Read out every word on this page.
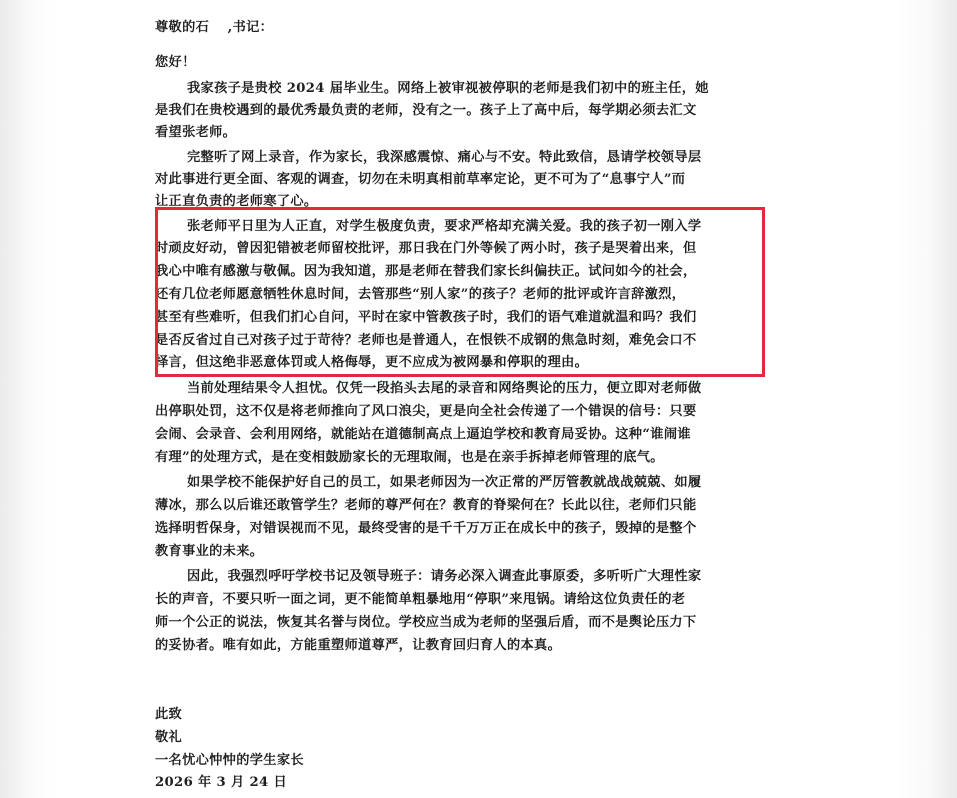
尊敬的石　 ,书记：
您好！
我家孩子是贵校 2024 届毕业生。网络上被审视被停职的老师是我们初中的班主任，她
是我们在贵校遇到的最优秀最负责的老师，没有之一。孩子上了高中后，每学期必须去汇文
看望张老师。
完整听了网上录音，作为家长，我深感震惊、痛心与不安。特此致信，恳请学校领导层
对此事进行更全面、客观的调查，切勿在未明真相前草率定论，更不可为了“息事宁人”而
让正直负责的老师寒了心。
张老师平日里为人正直，对学生极度负责，要求严格却充满关爱。我的孩子初一刚入学
时顽皮好动，曾因犯错被老师留校批评，那日我在门外等候了两小时，孩子是哭着出来，但
我心中唯有感激与敬佩。因为我知道，那是老师在替我们家长纠偏扶正。试问如今的社会，
还有几位老师愿意牺牲休息时间，去管那些“别人家”的孩子？老师的批评或许言辞激烈，
甚至有些难听，但我们扪心自问，平时在家中管教孩子时，我们的语气难道就温和吗？我们
是否反省过自己对孩子过于苛待？老师也是普通人，在恨铁不成钢的焦急时刻，难免会口不
择言，但这绝非恶意体罚或人格侮辱，更不应成为被网暴和停职的理由。
当前处理结果令人担忧。仅凭一段掐头去尾的录音和网络舆论的压力，便立即对老师做
出停职处罚，这不仅是将老师推向了风口浪尖，更是向全社会传递了一个错误的信号：只要
会闹、会录音、会利用网络，就能站在道德制高点上逼迫学校和教育局妥协。这种“谁闹谁
有理”的处理方式，是在变相鼓励家长的无理取闹，也是在亲手拆掉老师管理的底气。
如果学校不能保护好自己的员工，如果老师因为一次正常的严厉管教就战战兢兢、如履
薄冰，那么以后谁还敢管学生？老师的尊严何在？教育的脊梁何在？长此以往，老师们只能
选择明哲保身，对错误视而不见，最终受害的是千千万万正在成长中的孩子，毁掉的是整个
教育事业的未来。
因此，我强烈呼吁学校书记及领导班子：请务必深入调查此事原委，多听听广大理性家
长的声音，不要只听一面之词，更不能简单粗暴地用“停职”来甩锅。请给这位负责任的老
师一个公正的说法，恢复其名誉与岗位。学校应当成为老师的坚强后盾，而不是舆论压力下
的妥协者。唯有如此，方能重塑师道尊严，让教育回归育人的本真。
此致
敬礼
一名忧心忡忡的学生家长
2026 年 3 月 24 日
